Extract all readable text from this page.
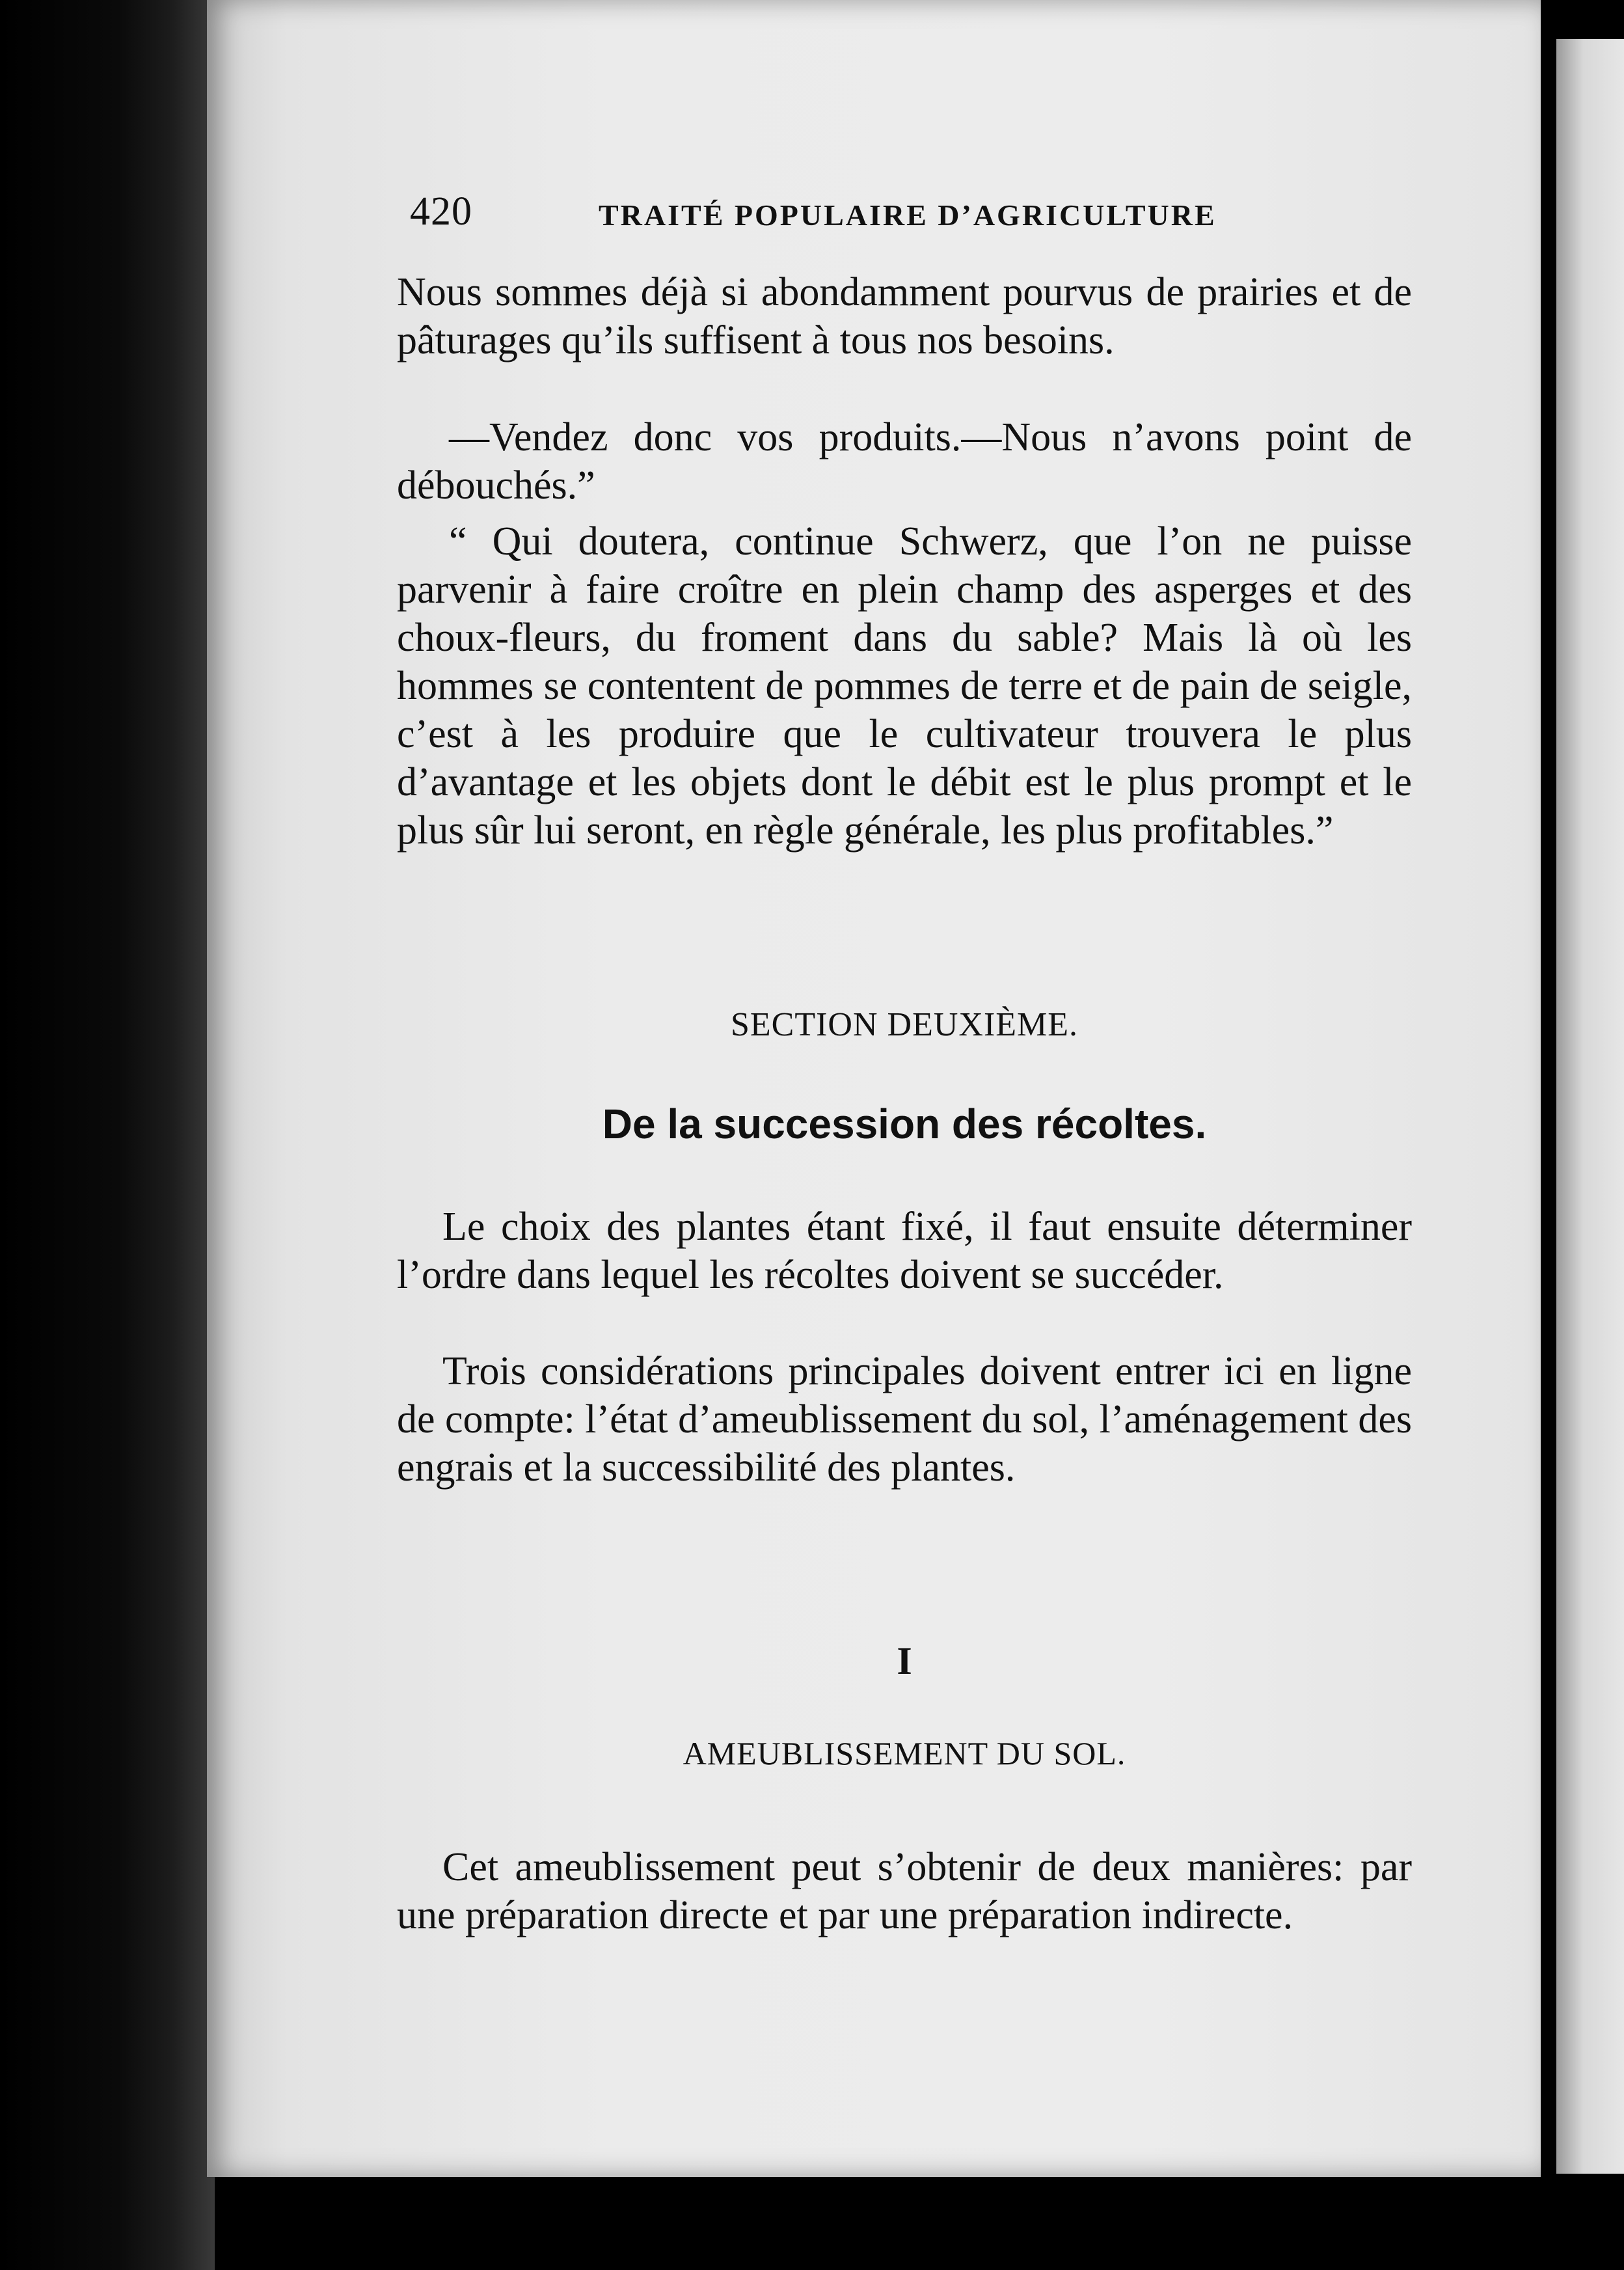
420	TRAITÉ POPULAIRE D’AGRICULTURE

Nous sommes déjà si abondamment pourvus de prairies et de pâturages qu’ils suffisent à tous nos besoins.

—Vendez donc vos produits.—Nous n’avons point de débouchés.”

“ Qui doutera, continue Schwerz, que l’on ne puisse parvenir à faire croître en plein champ des asperges et des choux-fleurs, du froment dans du sable? Mais là où les hommes se contentent de pommes de terre et de pain de seigle, c’est à les produire que le cultivateur trouvera le plus d’avantage et les objets dont le débit est le plus prompt et le plus sûr lui seront, en règle générale, les plus profitables.”

SECTION DEUXIÈME.
De la succession des récoltes.

Le choix des plantes étant fixé, il faut ensuite déterminer l’ordre dans lequel les récoltes doivent se succéder.

Trois considérations principales doivent entrer ici en ligne de compte: l’état d’ameublissement du sol, l’aménagement des engrais et la successibilité des plantes.

I
AMEUBLISSEMENT DU SOL.

Cet ameublissement peut s’obtenir de deux manières: par une préparation directe et par une préparation indirecte.
